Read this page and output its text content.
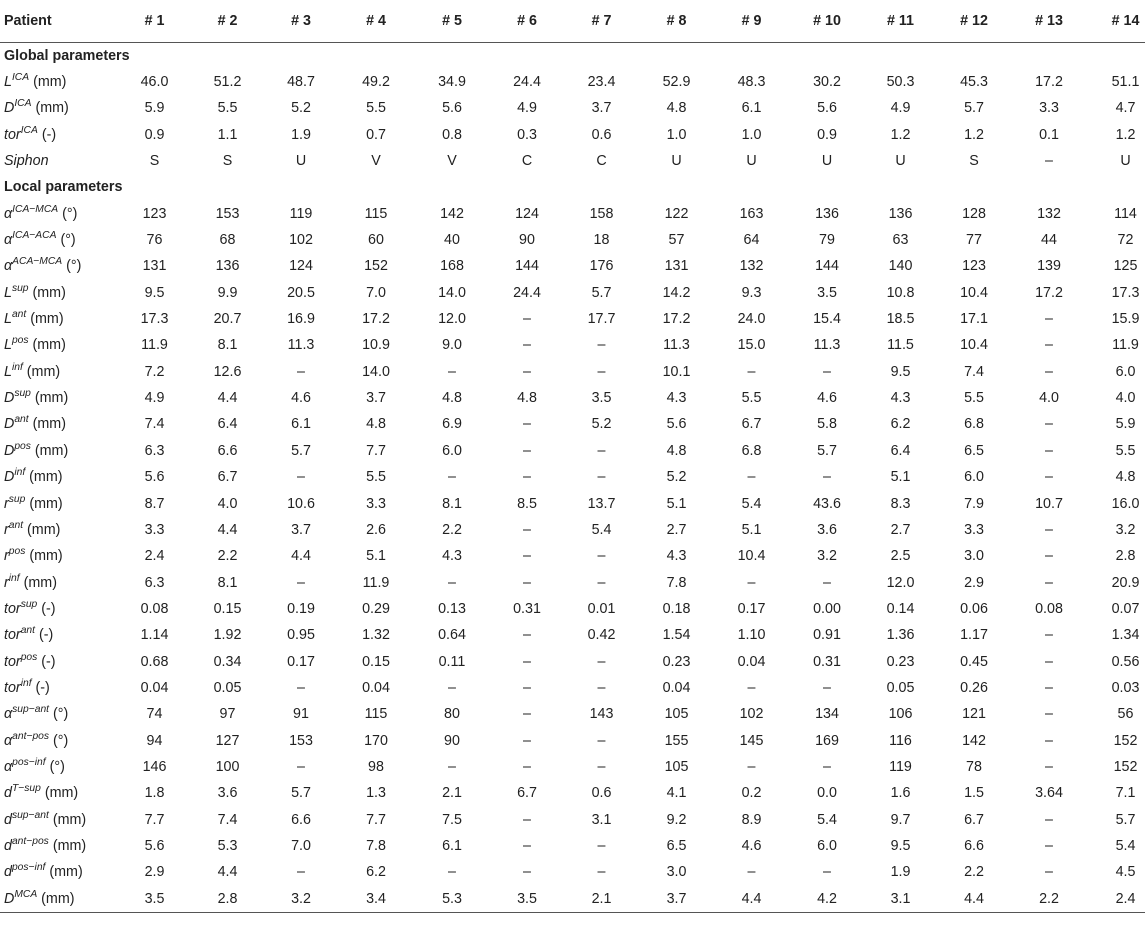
Patient	# 1	# 2	# 3	# 4	# 5	# 6	# 7	# 8	# 9	# 10	# 11	# 12	# 13	# 14
Global parameters														
$L^{ICA}$ (mm)	46.0	51.2	48.7	49.2	34.9	24.4	23.4	52.9	48.3	30.2	50.3	45.3	17.2	51.1
$D^{ICA}$ (mm)	5.9	5.5	5.2	5.5	5.6	4.9	3.7	4.8	6.1	5.6	4.9	5.7	3.3	4.7
tor$^{ICA}$ (-)	0.9	1.1	1.9	0.7	0.8	0.3	0.6	1.0	1.0	0.9	1.2	1.2	0.1	1.2
Siphon	S	S	U	V	V	C	C	U	U	U	U	S	–	U
Local parameters														
$\alpha^{ICA-MCA}$ (°)	123	153	119	115	142	124	158	122	163	136	136	128	132	114
$\alpha^{ICA-ACA}$ (°)	76	68	102	60	40	90	18	57	64	79	63	77	44	72
$\alpha^{ACA-MCA}$ (°)	131	136	124	152	168	144	176	131	132	144	140	123	139	125
$L^{sup}$ (mm)	9.5	9.9	20.5	7.0	14.0	24.4	5.7	14.2	9.3	3.5	10.8	10.4	17.2	17.3
$L^{ant}$ (mm)	17.3	20.7	16.9	17.2	12.0	–	17.7	17.2	24.0	15.4	18.5	17.1	–	15.9
$L^{pos}$ (mm)	11.9	8.1	11.3	10.9	9.0	–	–	11.3	15.0	11.3	11.5	10.4	–	11.9
$L^{inf}$ (mm)	7.2	12.6	–	14.0	–	–	–	10.1	–	–	9.5	7.4	–	6.0
$D^{sup}$ (mm)	4.9	4.4	4.6	3.7	4.8	4.8	3.5	4.3	5.5	4.6	4.3	5.5	4.0	4.0
$D^{ant}$ (mm)	7.4	6.4	6.1	4.8	6.9	–	5.2	5.6	6.7	5.8	6.2	6.8	–	5.9
$D^{pos}$ (mm)	6.3	6.6	5.7	7.7	6.0	–	–	4.8	6.8	5.7	6.4	6.5	–	5.5
$D^{inf}$ (mm)	5.6	6.7	–	5.5	–	–	–	5.2	–	–	5.1	6.0	–	4.8
$r^{sup}$ (mm)	8.7	4.0	10.6	3.3	8.1	8.5	13.7	5.1	5.4	43.6	8.3	7.9	10.7	16.0
$r^{ant}$ (mm)	3.3	4.4	3.7	2.6	2.2	–	5.4	2.7	5.1	3.6	2.7	3.3	–	3.2
$r^{pos}$ (mm)	2.4	2.2	4.4	5.1	4.3	–	–	4.3	10.4	3.2	2.5	3.0	–	2.8
$r^{inf}$ (mm)	6.3	8.1	–	11.9	–	–	–	7.8	–	–	12.0	2.9	–	20.9
tor$^{sup}$ (-)	0.08	0.15	0.19	0.29	0.13	0.31	0.01	0.18	0.17	0.00	0.14	0.06	0.08	0.07
tor$^{ant}$ (-)	1.14	1.92	0.95	1.32	0.64	–	0.42	1.54	1.10	0.91	1.36	1.17	–	1.34
tor$^{pos}$ (-)	0.68	0.34	0.17	0.15	0.11	–	–	0.23	0.04	0.31	0.23	0.45	–	0.56
tor$^{inf}$ (-)	0.04	0.05	–	0.04	–	–	–	0.04	–	–	0.05	0.26	–	0.03
$\alpha^{sup-ant}$ (°)	74	97	91	115	80	–	143	105	102	134	106	121	–	56
$\alpha^{ant-pos}$ (°)	94	127	153	170	90	–	–	155	145	169	116	142	–	152
$\alpha^{pos-inf}$ (°)	146	100	–	98	–	–	–	105	–	–	119	78	–	152
$d^{T-sup}$ (mm)	1.8	3.6	5.7	1.3	2.1	6.7	0.6	4.1	0.2	0.0	1.6	1.5	3.64	7.1
$d^{sup-ant}$ (mm)	7.7	7.4	6.6	7.7	7.5	–	3.1	9.2	8.9	5.4	9.7	6.7	–	5.7
$d^{ant-pos}$ (mm)	5.6	5.3	7.0	7.8	6.1	–	–	6.5	4.6	6.0	9.5	6.6	–	5.4
$d^{pos-inf}$ (mm)	2.9	4.4	–	6.2	–	–	–	3.0	–	–	1.9	2.2	–	4.5
$D^{MCA}$ (mm)	3.5	2.8	3.2	3.4	5.3	3.5	2.1	3.7	4.4	4.2	3.1	4.4	2.2	2.4
